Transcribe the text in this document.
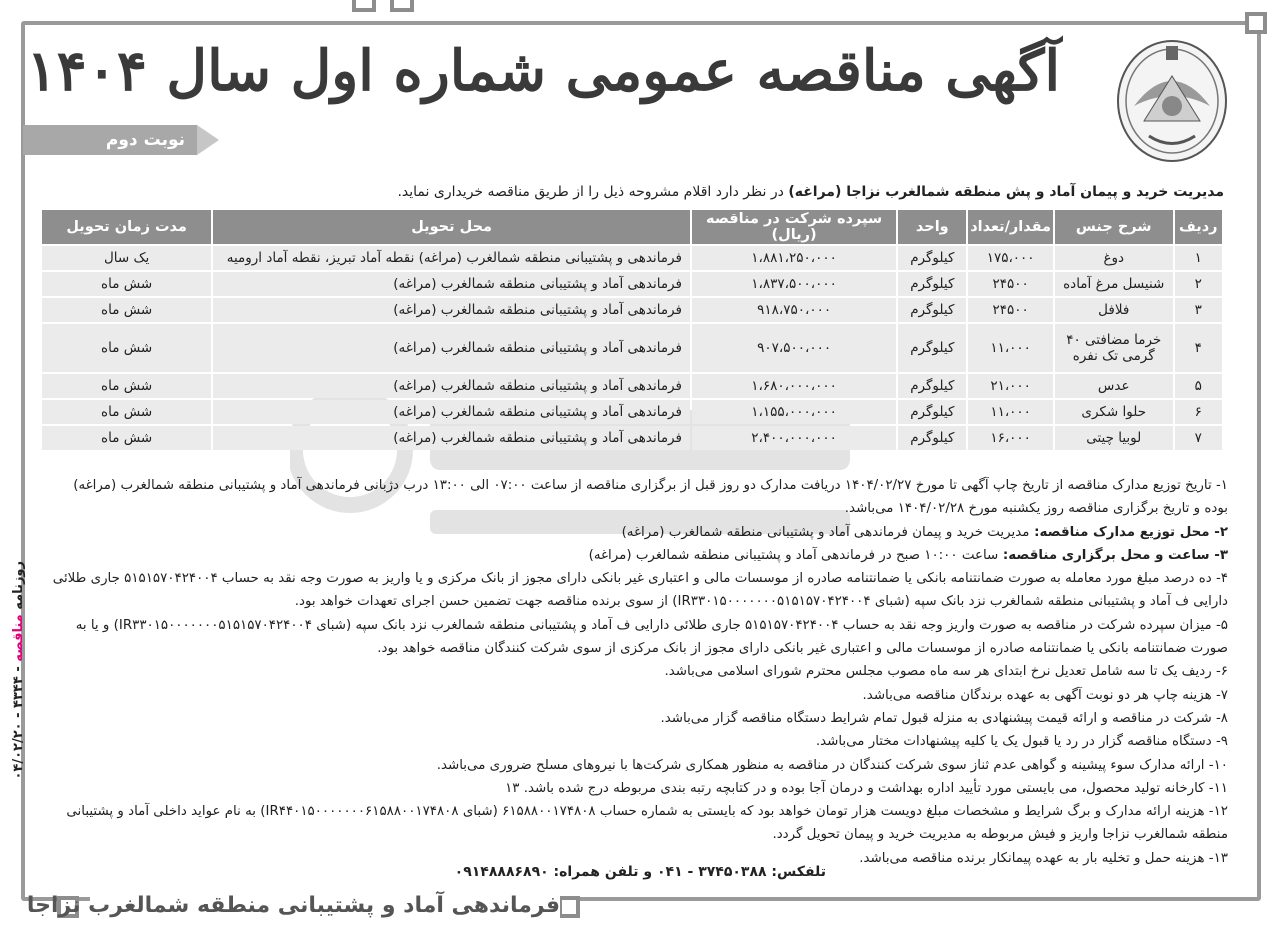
آگهی مناقصه عمومی شماره اول سال ۱۴۰۴
نوبت دوم
مدیریت خرید و پیمان آماد و پش منطقه شمالغرب نزاجا (مراغه) در نظر دارد اقلام مشروحه ذیل را از طریق مناقصه خریداری نماید.
ردیف	شرح جنس	مقدار/تعداد	واحد	سپرده شرکت در مناقصه (ریال)	محل تحویل	مدت زمان تحویل
۱	دوغ	۱۷۵،۰۰۰	کیلوگرم	۱،۸۸۱،۲۵۰،۰۰۰	فرماندهی و پشتیبانی منطقه شمالغرب (مراغه) نقطه آماد تبریز، نقطه آماد ارومیه	یک سال
۲	شنیسل مرغ آماده	۲۴۵۰۰	کیلوگرم	۱،۸۳۷،۵۰۰،۰۰۰	فرماندهی آماد و پشتیبانی منطقه شمالغرب (مراغه)	شش ماه
۳	فلافل	۲۴۵۰۰	کیلوگرم	۹۱۸،۷۵۰،۰۰۰	فرماندهی آماد و پشتیبانی منطقه شمالغرب (مراغه)	شش ماه
۴	خرما مضافتی ۴۰ گرمی تک نفره	۱۱،۰۰۰	کیلوگرم	۹۰۷،۵۰۰،۰۰۰	فرماندهی آماد و پشتیبانی منطقه شمالغرب (مراغه)	شش ماه
۵	عدس	۲۱،۰۰۰	کیلوگرم	۱،۶۸۰،۰۰۰،۰۰۰	فرماندهی آماد و پشتیبانی منطقه شمالغرب (مراغه)	شش ماه
۶	حلوا شکری	۱۱،۰۰۰	کیلوگرم	۱،۱۵۵،۰۰۰،۰۰۰	فرماندهی آماد و پشتیبانی منطقه شمالغرب (مراغه)	شش ماه
۷	لوبیا چیتی	۱۶،۰۰۰	کیلوگرم	۲،۴۰۰،۰۰۰،۰۰۰	فرماندهی آماد و پشتیبانی منطقه شمالغرب (مراغه)	شش ماه

۱- تاریخ توزیع مدارک مناقصه از تاریخ چاپ آگهی تا مورخ ۱۴۰۴/۰۲/۲۷ دریافت مدارک دو روز قبل از برگزاری مناقصه از ساعت ۰۷:۰۰ الی ۱۳:۰۰ درب دژبانی فرماندهی آماد و پشتیبانی منطقه شمالغرب (مراغه) بوده و تاریخ برگزاری مناقصه روز یکشنبه مورخ ۱۴۰۴/۰۲/۲۸ می‌باشد.

۲- محل توزیع مدارک مناقصه: مدیریت خرید و پیمان فرماندهی آماد و پشتیبانی منطقه شمالغرب (مراغه)

۳- ساعت و محل برگزاری مناقصه: ساعت ۱۰:۰۰ صبح در فرماندهی آماد و پشتیبانی منطقه شمالغرب (مراغه)

۴- ده درصد مبلغ مورد معامله به صورت ضمانتنامه بانکی یا ضمانتنامه صادره از موسسات مالی و اعتباری غیر بانکی دارای مجوز از بانک مرکزی و یا واریز به صورت وجه نقد به حساب ۵۱۵۱۵۷۰۴۲۴۰۰۴ جاری طلائی دارایی ف آماد و پشتیبانی منطقه شمالغرب نزد بانک سپه (شبای IR۳۳۰۱۵۰۰۰۰۰۰۰۵۱۵۱۵۷۰۴۲۴۰۰۴) از سوی برنده مناقصه جهت تضمین حسن اجرای تعهدات خواهد بود.

۵- میزان سپرده شرکت در مناقصه به صورت واریز وجه نقد به حساب ۵۱۵۱۵۷۰۴۲۴۰۰۴ جاری طلائی دارایی ف آماد و پشتیبانی منطقه شمالغرب نزد بانک سپه (شبای IR۳۳۰۱۵۰۰۰۰۰۰۰۵۱۵۱۵۷۰۴۲۴۰۰۴) و یا به صورت ضمانتنامه بانکی یا ضمانتنامه صادره از موسسات مالی و اعتباری غیر بانکی دارای مجوز از بانک مرکزی از سوی شرکت کنندگان مناقصه خواهد بود.

۶- ردیف یک تا سه شامل تعدیل نرخ ابتدای هر سه ماه مصوب مجلس محترم شورای اسلامی می‌باشد.

۷- هزینه چاپ هر دو نوبت آگهی به عهده برندگان مناقصه می‌باشد.

۸- شرکت در مناقصه و ارائه قیمت پیشنهادی به منزله قبول تمام شرایط دستگاه مناقصه گزار می‌باشد.

۹- دستگاه مناقصه گزار در رد یا قبول یک یا کلیه پیشنهادات مختار می‌باشد.

۱۰- ارائه مدارک سوء پیشینه و گواهی عدم ثناز سوی شرکت کنندگان در مناقصه به منظور همکاری شرکت‌ها با نیروهای مسلح ضروری می‌باشد.

۱۱- کارخانه تولید محصول، می بایستی مورد تأیید اداره بهداشت و درمان آجا بوده و در کتابچه رتبه بندی مربوطه درج شده باشد. ۱۳

۱۲- هزینه ارائه مدارک و برگ شرایط و مشخصات مبلغ دویست هزار تومان خواهد بود که بایستی به شماره حساب ۶۱۵۸۸۰۰۱۷۴۸۰۸ (شبای IR۴۴۰۱۵۰۰۰۰۰۰۰۶۱۵۸۸۰۰۱۷۴۸۰۸) به نام عواید داخلی آماد و پشتیبانی منطقه شمالغرب نزاجا واریز و فیش مربوطه به مدیریت خرید و پیمان تحویل گردد.

۱۳- هزینه حمل و تخلیه بار به عهده پیمانکار برنده مناقصه می‌باشد.

تلفکس: ۳۷۴۵۰۳۸۸ - ۰۴۱ و تلفن همراه: ۰۹۱۴۸۸۸۶۸۹۰
روزنامه مناقصه - ۴۳۴۴ - ۰۴/۰۲/۲۰
فرماندهی آماد و پشتیبانی منطقه شمالغرب نزاجا
